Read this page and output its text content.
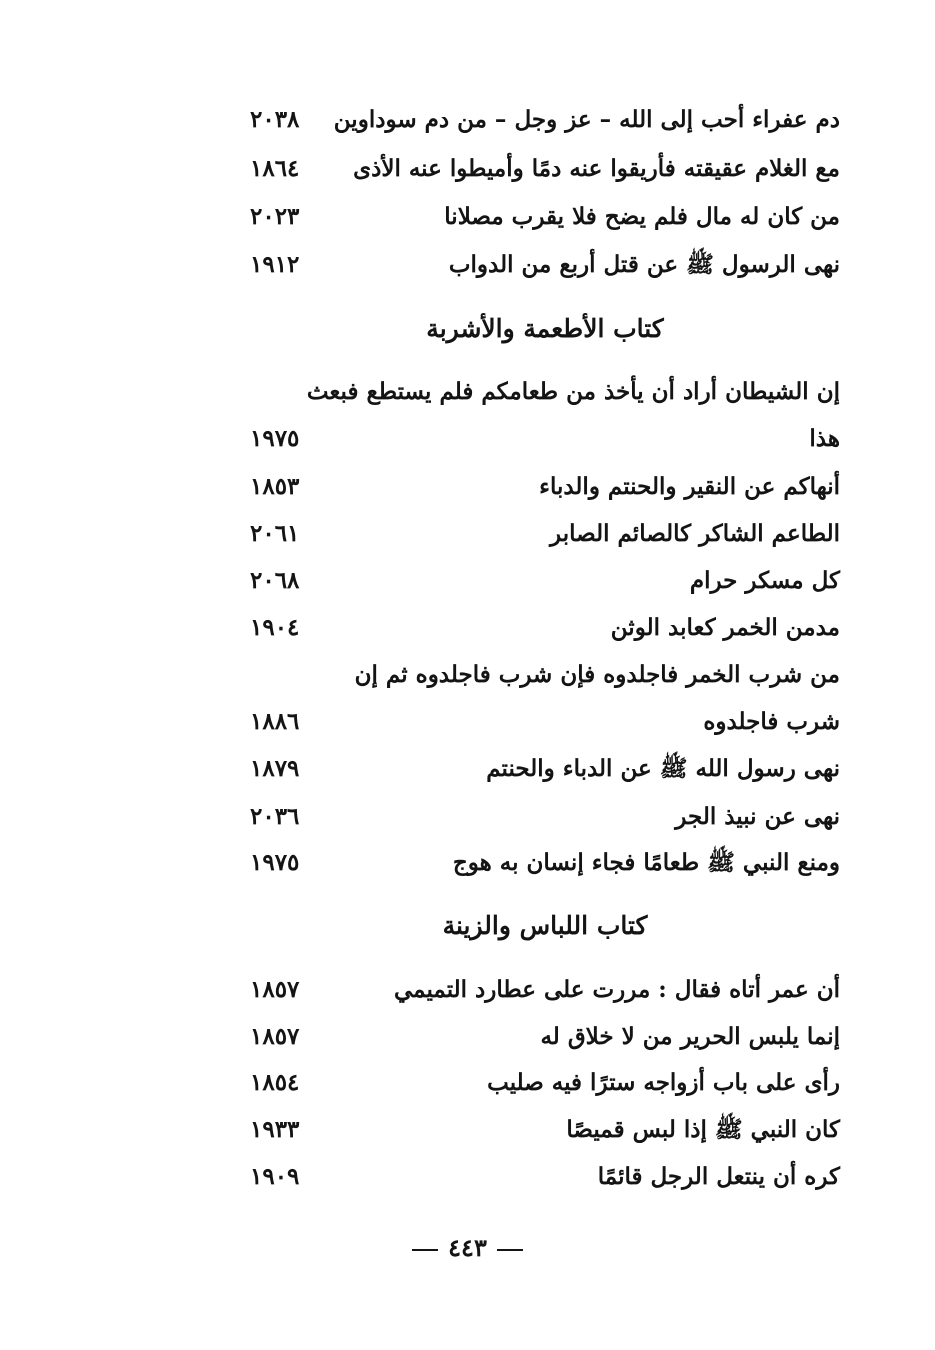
دم عفراء أحب إلى الله – عز وجل – من دم سوداوين
٢٠٣٨
مع الغلام عقيقته فأريقوا عنه دمًا وأميطوا عنه الأذى
١٨٦٤
من كان له مال فلم يضح فلا يقرب مصلانا
٢٠٢٣
نهى الرسول ﷺ عن قتل أربع من الدواب
١٩١٢
كتاب الأطعمة والأشربة
إن الشيطان أراد أن يأخذ من طعامكم فلم يستطع فبعث
هذا
١٩٧٥
أنهاكم عن النقير والحنتم والدباء
١٨٥٣
الطاعم الشاكر كالصائم الصابر
٢٠٦١
كل مسكر حرام
٢٠٦٨
مدمن الخمر كعابد الوثن
١٩٠٤
من شرب الخمر فاجلدوه فإن شرب فاجلدوه ثم إن
شرب فاجلدوه
١٨٨٦
نهى رسول الله ﷺ عن الدباء والحنتم
١٨٧٩
نهى عن نبيذ الجر
٢٠٣٦
ومنع النبي ﷺ طعامًا فجاء إنسان به هوج
١٩٧٥
كتاب اللباس والزينة
أن عمر أتاه فقال : مررت على عطارد التميمي
١٨٥٧
إنما يلبس الحرير من لا خلاق له
١٨٥٧
رأى على باب أزواجه سترًا فيه صليب
١٨٥٤
كان النبي ﷺ إذا لبس قميصًا
١٩٣٣
كره أن ينتعل الرجل قائمًا
١٩٠٩
٤٤٣
